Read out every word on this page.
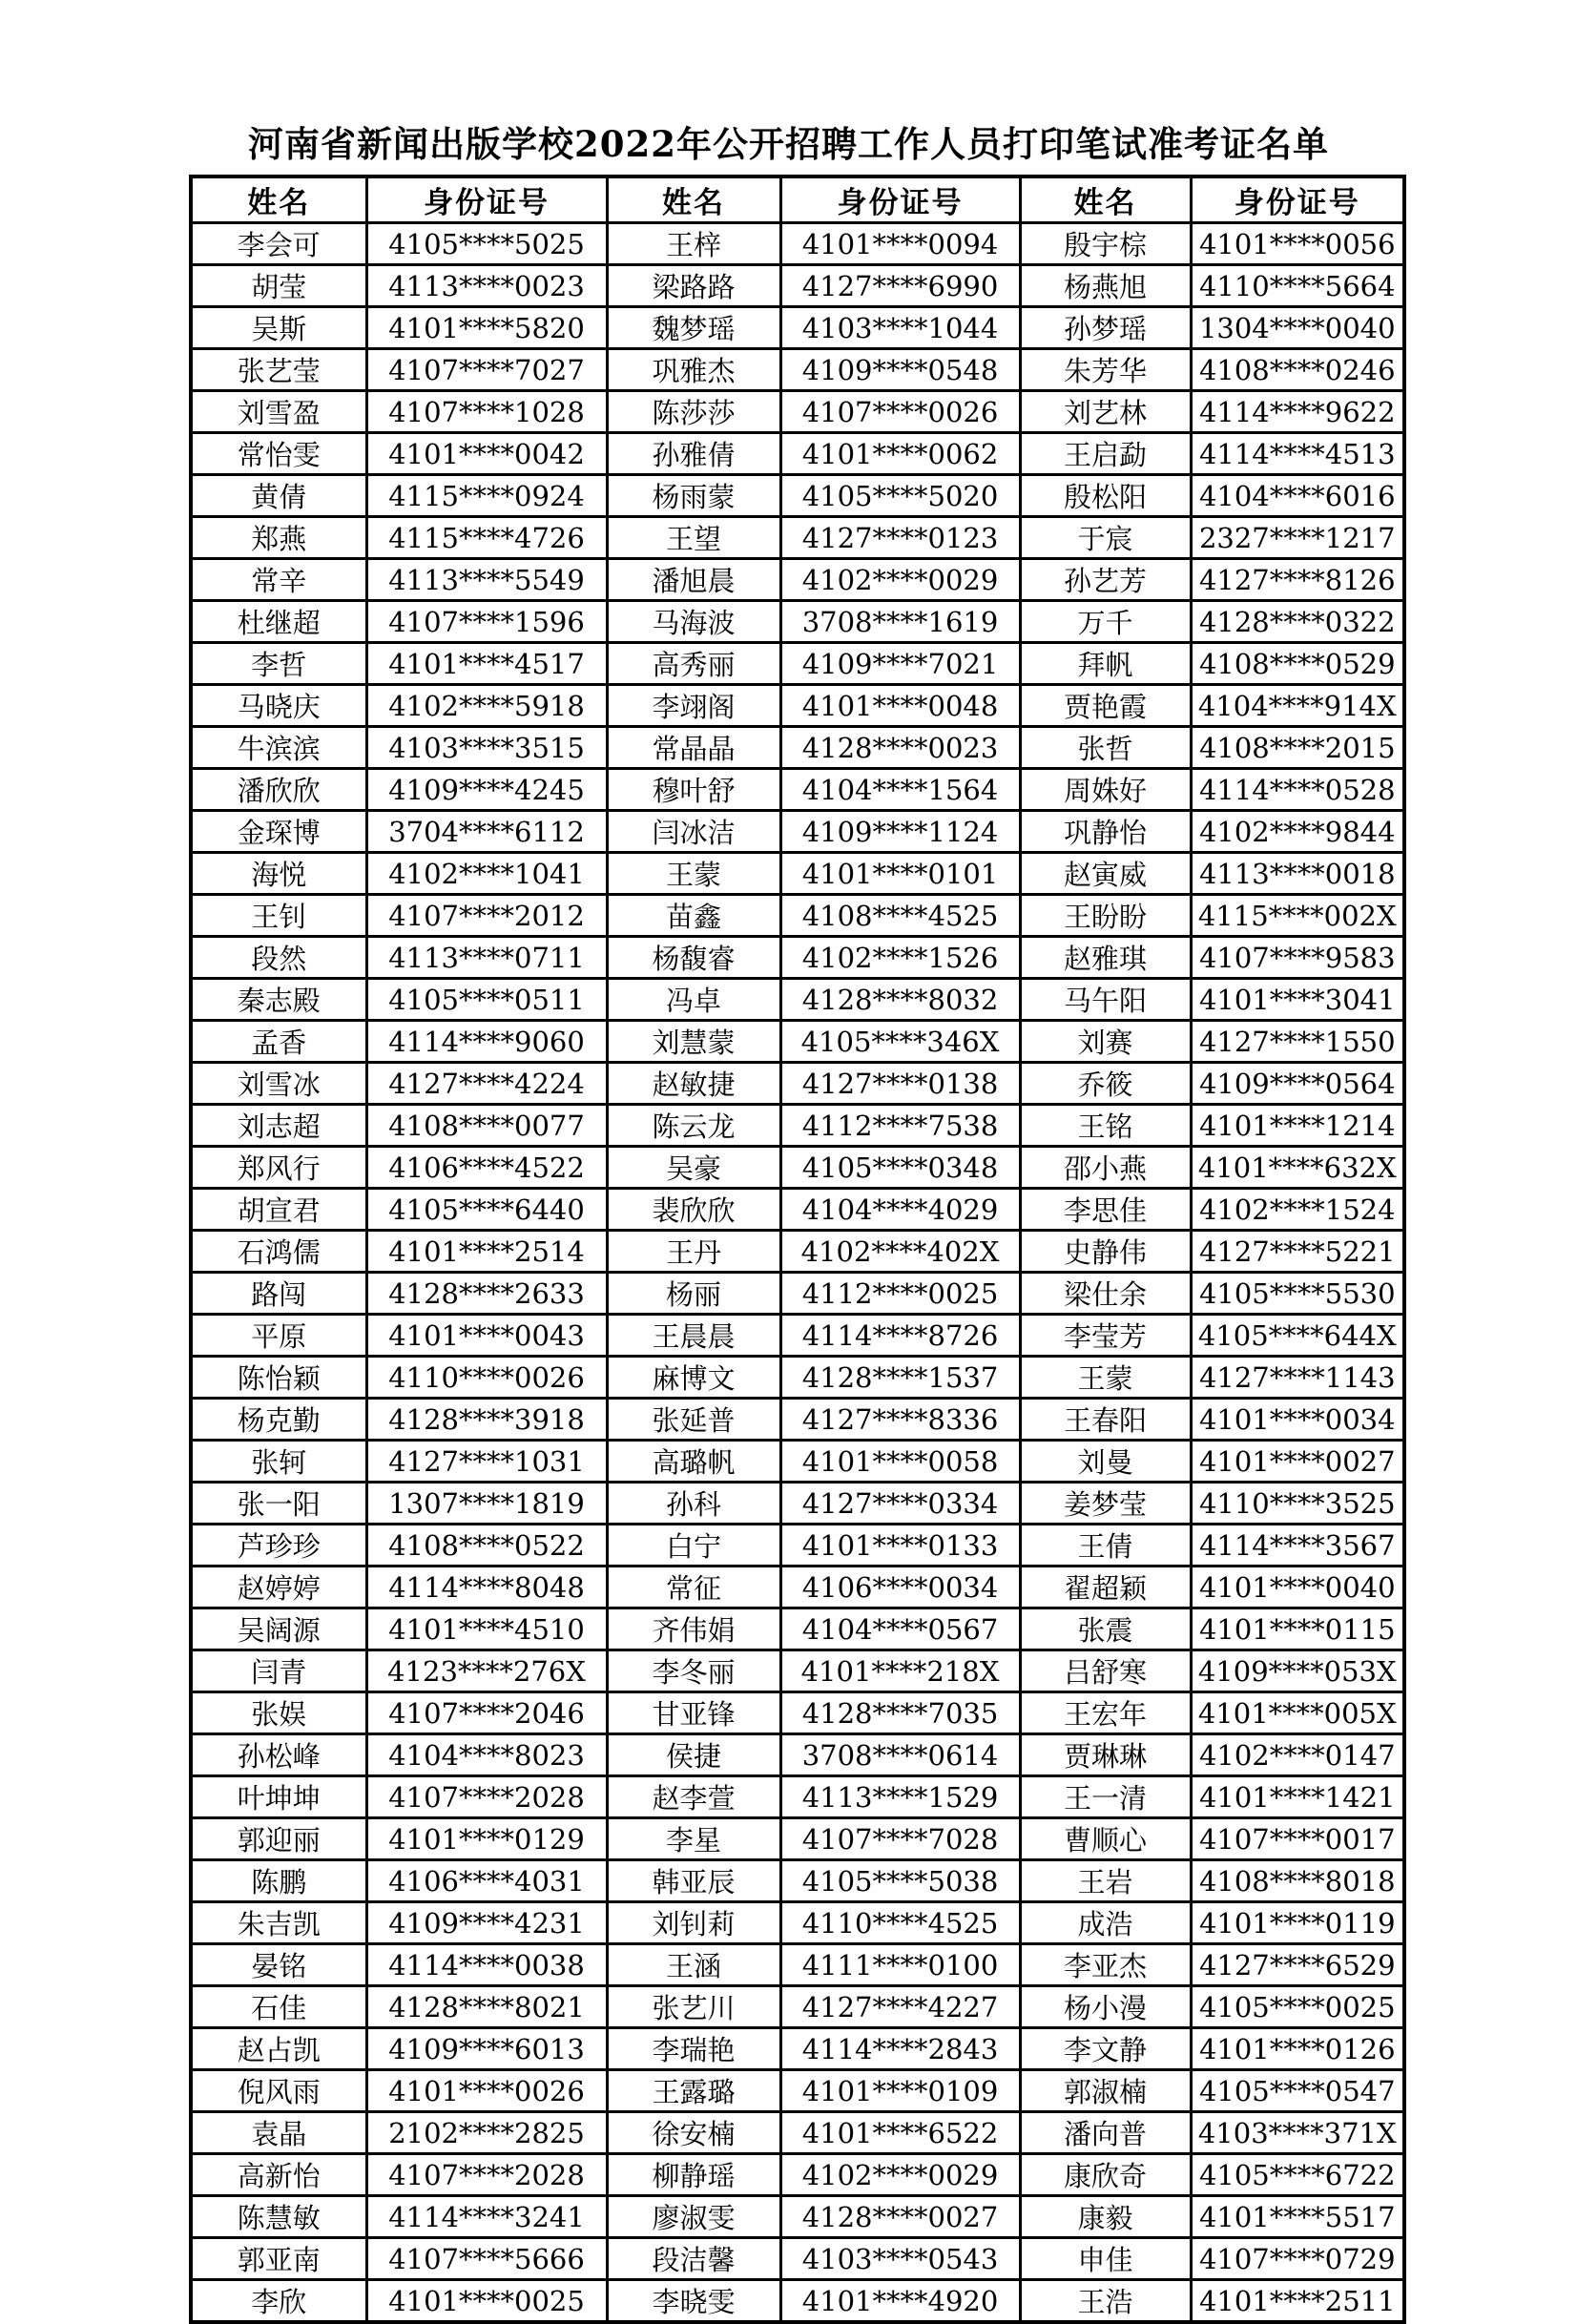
河南省新闻出版学校2022年公开招聘工作人员打印笔试准考证名单
姓名	身份证号	姓名	身份证号	姓名	身份证号
李会可	4105****5025	王梓	4101****0094	殷宇棕	4101****0056
胡莹	4113****0023	梁路路	4127****6990	杨燕旭	4110****5664
吴斯	4101****5820	魏梦瑶	4103****1044	孙梦瑶	1304****0040
张艺莹	4107****7027	巩雅杰	4109****0548	朱芳华	4108****0246
刘雪盈	4107****1028	陈莎莎	4107****0026	刘艺林	4114****9622
常怡雯	4101****0042	孙雅倩	4101****0062	王启勐	4114****4513
黄倩	4115****0924	杨雨蒙	4105****5020	殷松阳	4104****6016
郑燕	4115****4726	王望	4127****0123	于宸	2327****1217
常辛	4113****5549	潘旭晨	4102****0029	孙艺芳	4127****8126
杜继超	4107****1596	马海波	3708****1619	万千	4128****0322
李哲	4101****4517	高秀丽	4109****7021	拜帆	4108****0529
马晓庆	4102****5918	李翊阁	4101****0048	贾艳霞	4104****914X
牛滨滨	4103****3515	常晶晶	4128****0023	张哲	4108****2015
潘欣欣	4109****4245	穆叶舒	4104****1564	周姝好	4114****0528
金琛博	3704****6112	闫冰洁	4109****1124	巩静怡	4102****9844
海悦	4102****1041	王蒙	4101****0101	赵寅威	4113****0018
王钊	4107****2012	苗鑫	4108****4525	王盼盼	4115****002X
段然	4113****0711	杨馥睿	4102****1526	赵雅琪	4107****9583
秦志殿	4105****0511	冯卓	4128****8032	马午阳	4101****3041
孟香	4114****9060	刘慧蒙	4105****346X	刘赛	4127****1550
刘雪冰	4127****4224	赵敏捷	4127****0138	乔筱	4109****0564
刘志超	4108****0077	陈云龙	4112****7538	王铭	4101****1214
郑风行	4106****4522	吴豪	4105****0348	邵小燕	4101****632X
胡宣君	4105****6440	裴欣欣	4104****4029	李思佳	4102****1524
石鸿儒	4101****2514	王丹	4102****402X	史静伟	4127****5221
路闯	4128****2633	杨丽	4112****0025	梁仕余	4105****5530
平原	4101****0043	王晨晨	4114****8726	李莹芳	4105****644X
陈怡颖	4110****0026	麻博文	4128****1537	王蒙	4127****1143
杨克勤	4128****3918	张延普	4127****8336	王春阳	4101****0034
张轲	4127****1031	高璐帆	4101****0058	刘曼	4101****0027
张一阳	1307****1819	孙科	4127****0334	姜梦莹	4110****3525
芦珍珍	4108****0522	白宁	4101****0133	王倩	4114****3567
赵婷婷	4114****8048	常征	4106****0034	翟超颖	4101****0040
吴阔源	4101****4510	齐伟娟	4104****0567	张震	4101****0115
闫青	4123****276X	李冬丽	4101****218X	吕舒寒	4109****053X
张娱	4107****2046	甘亚锋	4128****7035	王宏年	4101****005X
孙松峰	4104****8023	侯捷	3708****0614	贾琳琳	4102****0147
叶坤坤	4107****2028	赵李萱	4113****1529	王一清	4101****1421
郭迎丽	4101****0129	李星	4107****7028	曹顺心	4107****0017
陈鹏	4106****4031	韩亚辰	4105****5038	王岩	4108****8018
朱吉凯	4109****4231	刘钊莉	4110****4525	成浩	4101****0119
晏铭	4114****0038	王涵	4111****0100	李亚杰	4127****6529
石佳	4128****8021	张艺川	4127****4227	杨小漫	4105****0025
赵占凯	4109****6013	李瑞艳	4114****2843	李文静	4101****0126
倪风雨	4101****0026	王露璐	4101****0109	郭淑楠	4105****0547
袁晶	2102****2825	徐安楠	4101****6522	潘向普	4103****371X
高新怡	4107****2028	柳静瑶	4102****0029	康欣奇	4105****6722
陈慧敏	4114****3241	廖淑雯	4128****0027	康毅	4101****5517
郭亚南	4107****5666	段洁馨	4103****0543	申佳	4107****0729
李欣	4101****0025	李晓雯	4101****4920	王浩	4101****2511
